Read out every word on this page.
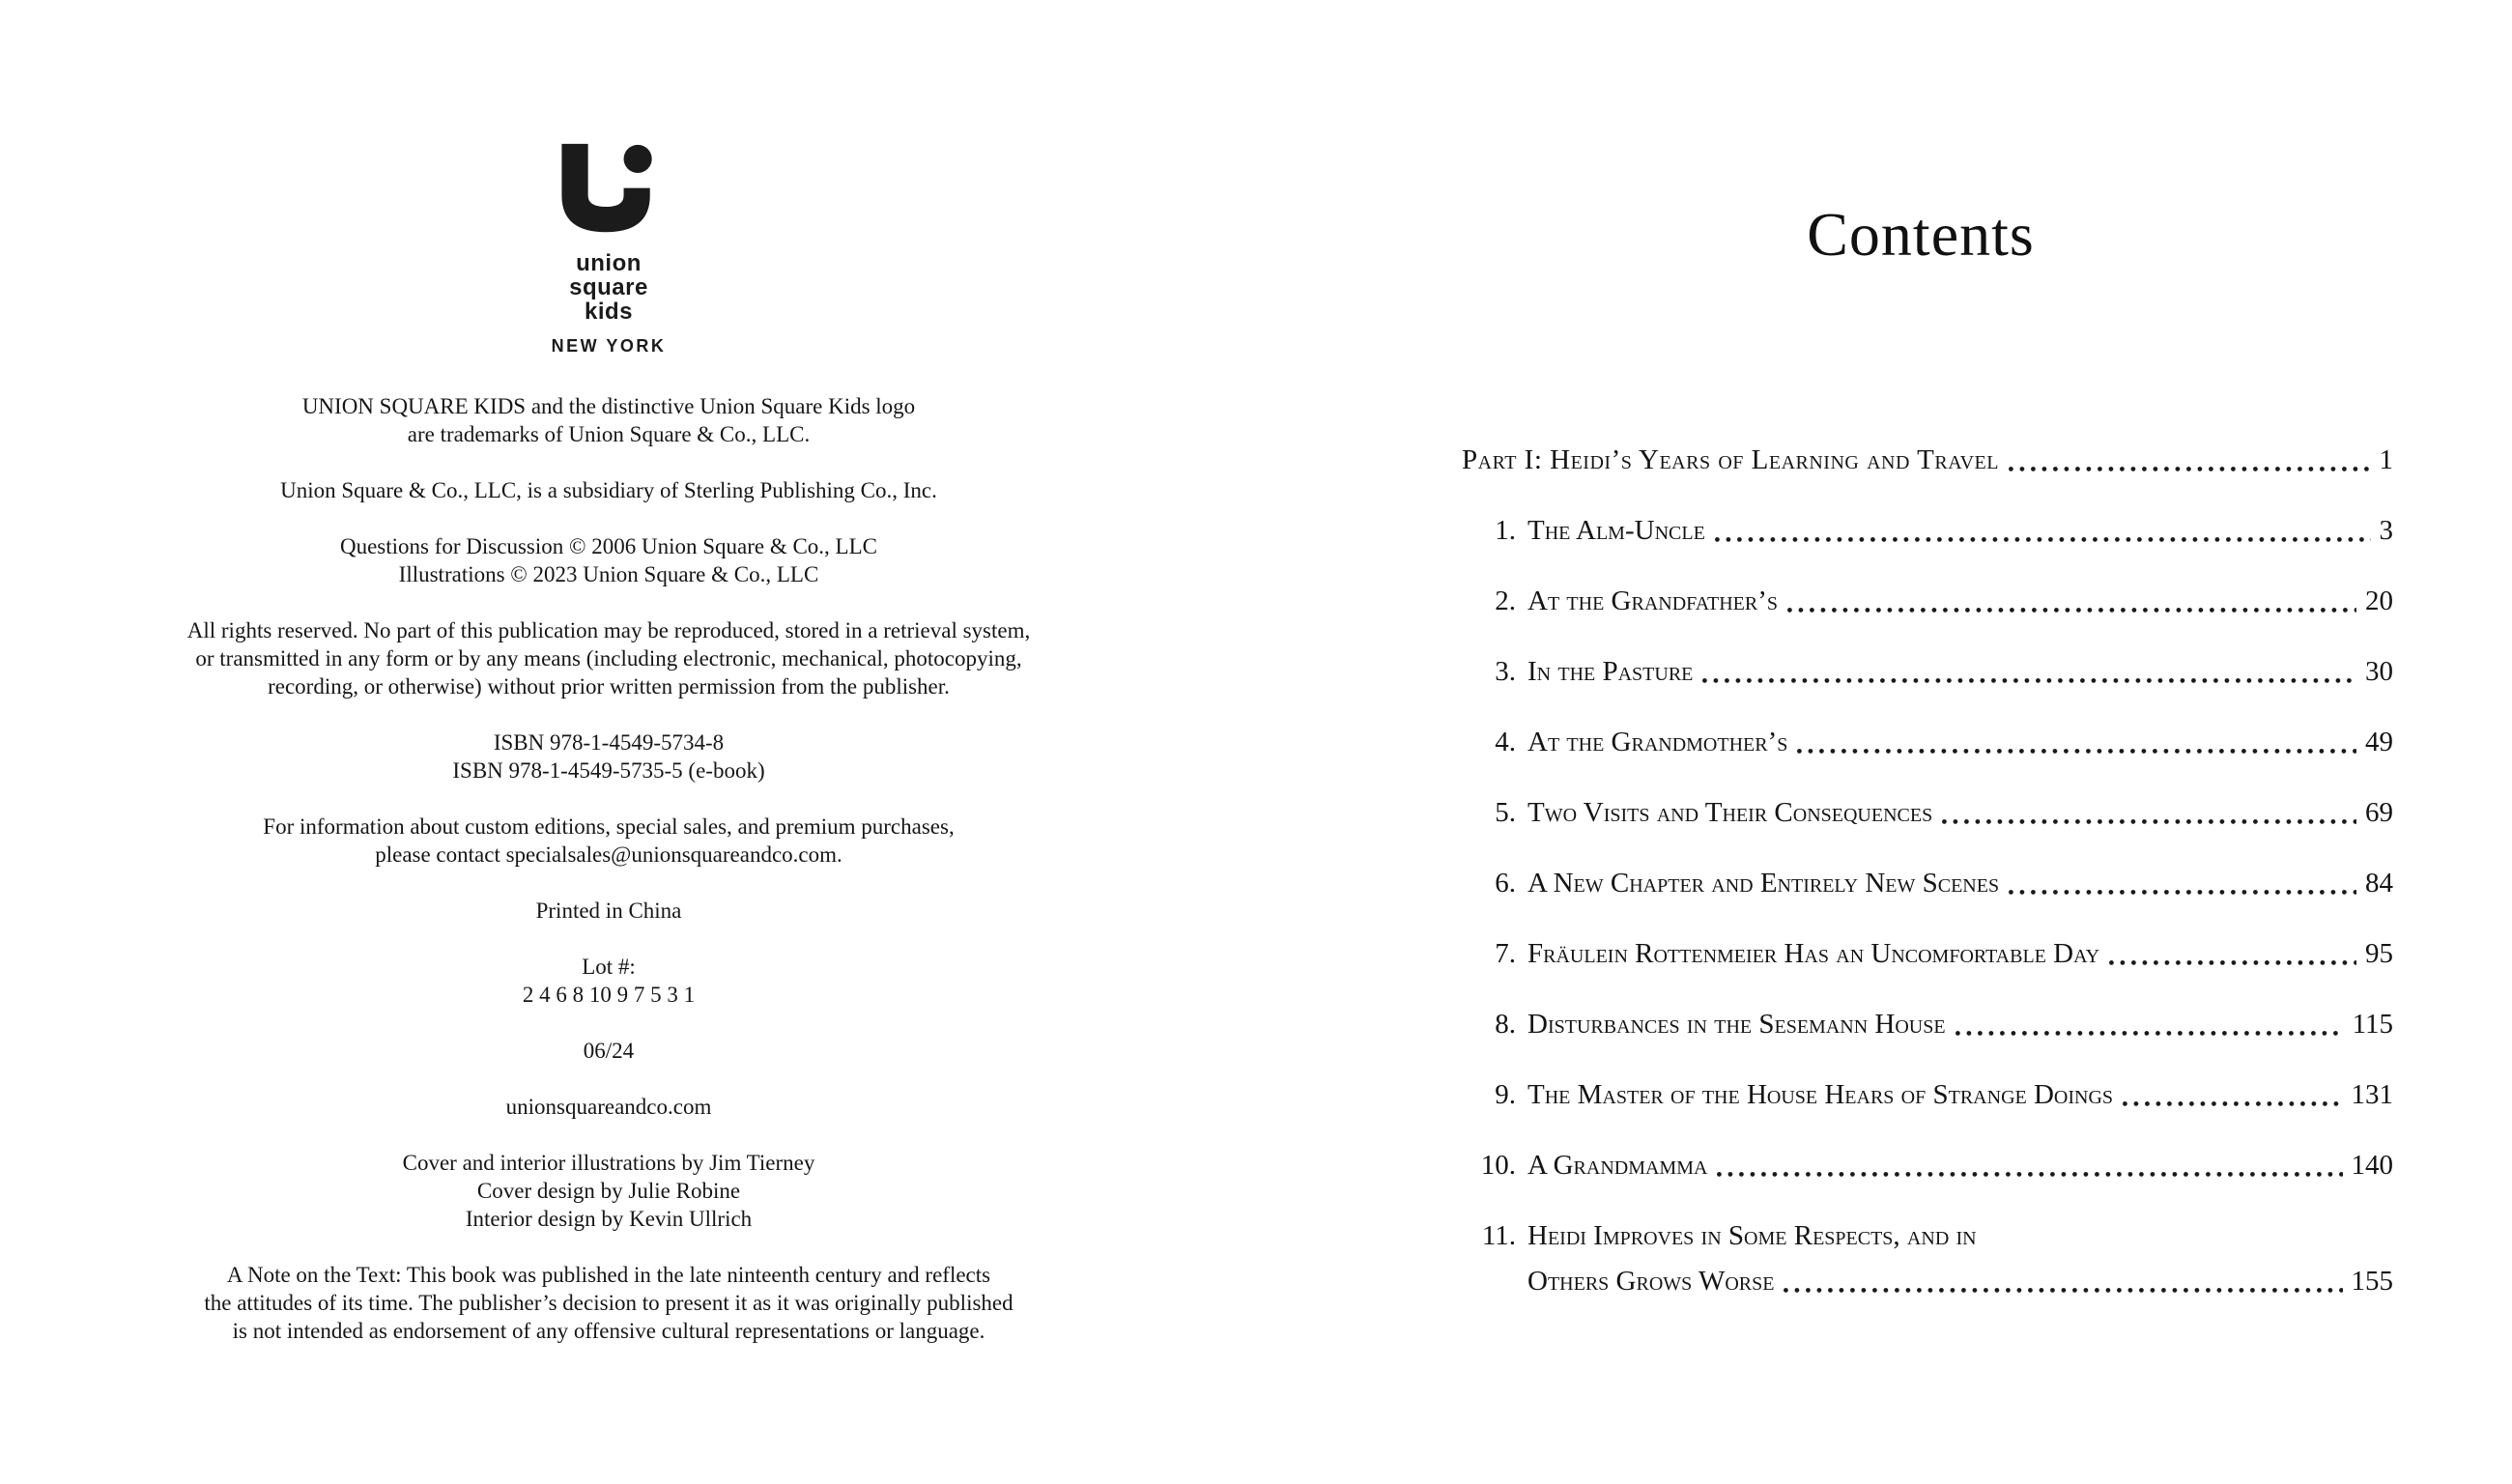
union
square
kids
NEW YORK
UNION SQUARE KIDS and the distinctive Union Square Kids logo
are trademarks of Union Square & Co., LLC.
Union Square & Co., LLC, is a subsidiary of Sterling Publishing Co., Inc.
Questions for Discussion © 2006 Union Square & Co., LLC
Illustrations © 2023 Union Square & Co., LLC
All rights reserved. No part of this publication may be reproduced, stored in a retrieval system,
or transmitted in any form or by any means (including electronic, mechanical, photocopying,
recording, or otherwise) without prior written permission from the publisher.
ISBN 978-1-4549-5734-8
ISBN 978-1-4549-5735-5 (e-book)
For information about custom editions, special sales, and premium purchases,
please contact specialsales@unionsquareandco.com.
Printed in China
Lot #:
2 4 6 8 10 9 7 5 3 1
06/24
unionsquareandco.com
Cover and interior illustrations by Jim Tierney
Cover design by Julie Robine
Interior design by Kevin Ullrich
A Note on the Text: This book was published in the late ninteenth century and reflects
the attitudes of its time. The publisher’s decision to present it as it was originally published
is not intended as endorsement of any offensive cultural representations or language.
Contents
Part I: Heidi’s Years of Learning and Travel	1
1. The Alm-Uncle	3
2. At the Grandfather’s	20
3. In the Pasture	30
4. At the Grandmother’s	49
5. Two Visits and Their Consequences	69
6. A New Chapter and Entirely New Scenes	84
7. Fräulein Rottenmeier Has an Uncomfortable Day	95
8. Disturbances in the Sesemann House	115
9. The Master of the House Hears of Strange Doings	131
10. A Grandmamma	140
11. Heidi Improves in Some Respects, and in
Others Grows Worse	155
